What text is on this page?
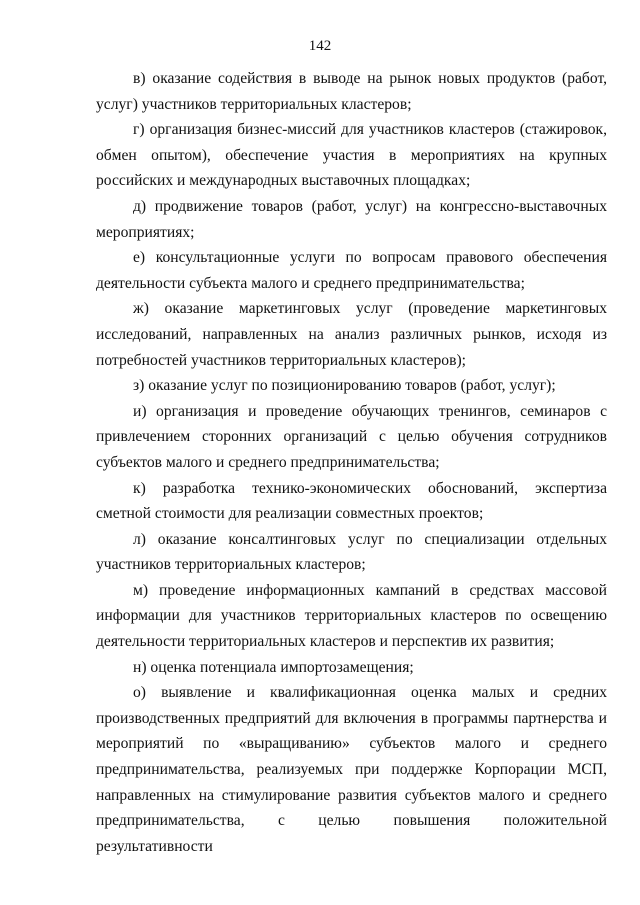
142

в) оказание содействия в выводе на рынок новых продуктов (работ, услуг) участников территориальных кластеров;

г) организация бизнес-миссий для участников кластеров (стажировок, обмен опытом), обеспечение участия в мероприятиях на крупных российских и международных выставочных площадках;

д) продвижение товаров (работ, услуг) на конгрессно-выставочных мероприятиях;

е) консультационные услуги по вопросам правового обеспечения деятельности субъекта малого и среднего предпринимательства;

ж) оказание маркетинговых услуг (проведение маркетинговых исследований, направленных на анализ различных рынков, исходя из потребностей участников территориальных кластеров);

з) оказание услуг по позиционированию товаров (работ, услуг);

и) организация и проведение обучающих тренингов, семинаров с привлечением сторонних организаций с целью обучения сотрудников субъектов малого и среднего предпринимательства;

к) разработка технико-экономических обоснований, экспертиза сметной стоимости для реализации совместных проектов;

л) оказание консалтинговых услуг по специализации отдельных участников территориальных кластеров;

м) проведение информационных кампаний в средствах массовой информации для участников территориальных кластеров по освещению деятельности территориальных кластеров и перспектив их развития;

н) оценка потенциала импортозамещения;

о) выявление и квалификационная оценка малых и средних производственных предприятий для включения в программы партнерства и мероприятий по «выращиванию» субъектов малого и среднего предпринимательства, реализуемых при поддержке Корпорации МСП, направленных на стимулирование развития субъектов малого и среднего предпринимательства, с целью повышения положительной результативности
